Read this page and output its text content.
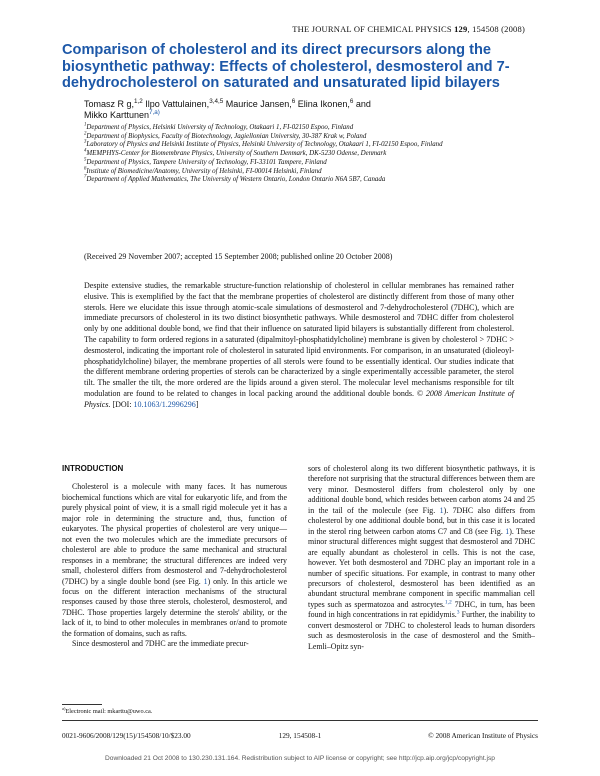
THE JOURNAL OF CHEMICAL PHYSICS 129, 154508 (2008)
Comparison of cholesterol and its direct precursors along the biosynthetic pathway: Effects of cholesterol, desmosterol and 7-dehydrocholesterol on saturated and unsaturated lipid bilayers
Tomasz R g,$^{1,2}$ Ilpo Vattulainen,$^{3,4,5}$ Maurice Jansen,$^6$ Elina Ikonen,$^6$ and
Mikko Karttunen$^{7,a)}$
$^1$Department of Physics, Helsinki University of Technology, Otakaari 1, FI-02150 Espoo, Finland
$^2$Department of Biophysics, Faculty of Biotechnology, Jagiellonian University, 30-387 Krak w, Poland
$^3$Laboratory of Physics and Helsinki Institute of Physics, Helsinki University of Technology, Otakaari 1, FI-02150 Espoo, Finland
$^4$MEMPHYS-Center for Biomembrane Physics, University of Southern Denmark, DK-5230 Odense, Denmark
$^5$Department of Physics, Tampere University of Technology, FI-33101 Tampere, Finland
$^6$Institute of Biomedicine/Anatomy, University of Helsinki, FI-00014 Helsinki, Finland
$^7$Department of Applied Mathematics, The University of Western Ontario, London Ontario N6A 5B7, Canada
(Received 29 November 2007; accepted 15 September 2008; published online 20 October 2008)
Despite extensive studies, the remarkable structure-function relationship of cholesterol in cellular membranes has remained rather elusive. This is exemplified by the fact that the membrane properties of cholesterol are distinctly different from those of many other sterols. Here we elucidate this issue through atomic-scale simulations of desmosterol and 7-dehydrocholesterol (7DHC), which are immediate precursors of cholesterol in its two distinct biosynthetic pathways. While desmosterol and 7DHC differ from cholesterol only by one additional double bond, we find that their influence on saturated lipid bilayers is substantially different from cholesterol. The capability to form ordered regions in a saturated (dipalmitoyl-phosphatidylcholine) membrane is given by cholesterol > 7DHC > desmosterol, indicating the important role of cholesterol in saturated lipid environments. For comparison, in an unsaturated (dioleoyl-phosphatidylcholine) bilayer, the membrane properties of all sterols were found to be essentially identical. Our studies indicate that the different membrane ordering properties of sterols can be characterized by a single experimentally accessible parameter, the sterol tilt. The smaller the tilt, the more ordered are the lipids around a given sterol. The molecular level mechanisms responsible for tilt modulation are found to be related to changes in local packing around the additional double bonds. © 2008 American Institute of Physics. [DOI: 10.1063/1.2996296]
INTRODUCTION

Cholesterol is a molecule with many faces. It has numerous biochemical functions which are vital for eukaryotic life, and from the purely physical point of view, it is a small rigid molecule yet it has a major role in determining the structure and, thus, function of eukaryotes. The physical properties of cholesterol are very unique—not even the two molecules which are the immediate precursors of cholesterol are able to produce the same mechanical and structural responses in a membrane; the structural differences are indeed very small, cholesterol differs from desmosterol and 7-dehydrocholesterol (7DHC) by a single double bond (see Fig. 1) only. In this article we focus on the different interaction mechanisms of the structural responses caused by those three sterols, cholesterol, desmosterol, and 7DHC. Those properties largely determine the sterols' ability, or the lack of it, to bind to other molecules in membranes or/and to promote the formation of domains, such as rafts.

Since desmosterol and 7DHC are the immediate precur-

sors of cholesterol along its two different biosynthetic pathways, it is therefore not surprising that the structural differences between them are very minor. Desmosterol differs from cholesterol only by one additional double bond, which resides between carbon atoms 24 and 25 in the tail of the molecule (see Fig. 1). 7DHC also differs from cholesterol by one additional double bond, but in this case it is located in the sterol ring between carbon atoms C7 and C8 (see Fig. 1). These minor structural differences might suggest that desmosterol and 7DHC are equally abundant as cholesterol in cells. This is not the case, however. Yet both desmosterol and 7DHC play an important role in a number of specific situations. For example, in contrast to many other precursors of cholesterol, desmosterol has been identified as an abundant structural membrane component in specific mammalian cell types such as spermatozoa and astrocytes.$^{1,2}$ 7DHC, in turn, has been found in high concentrations in rat epididymis.$^3$ Further, the inability to convert desmosterol or 7DHC to cholesterol leads to human disorders such as desmosterolosis in the case of desmosterol and the Smith–Lemli–Opitz syn-

$^{a)}$Electronic mail: mkarttu@uwo.ca.
0021-9606/2008/129(15)/154508/10/$23.00	129, 154508-1	© 2008 American Institute of Physics
Downloaded 21 Oct 2008 to 130.230.131.164. Redistribution subject to AIP license or copyright; see http://jcp.aip.org/jcp/copyright.jsp
